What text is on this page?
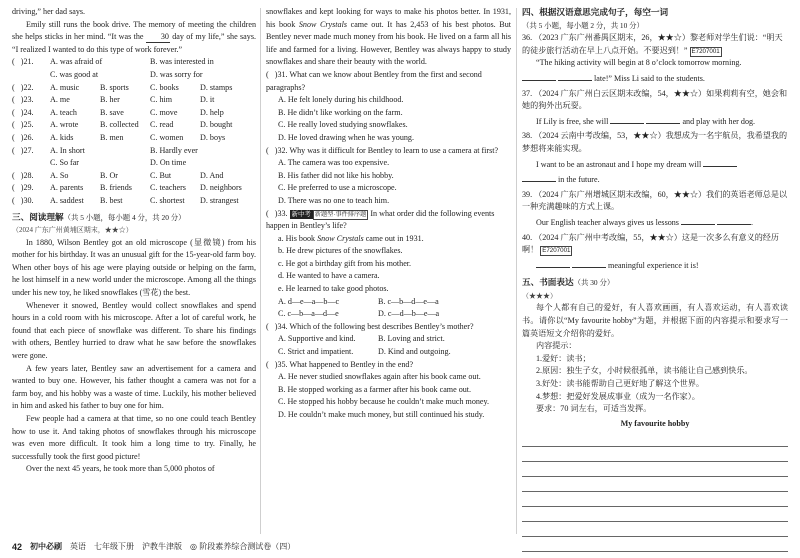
driving,” her dad says.

Emily still runs the book drive. The memory of meeting the children she helps sticks in her mind. “It was the 30 day of my life,” she says. “I realized I wanted to do this type of work forever.”

(   )21.	A. was afraid of	B. was interested in
C. was good at	D. was sorry for
(   )22.	A. music	B. sports	C. books	D. stamps
(   )23.	A. me	B. her	C. him	D. it
(   )24.	A. teach	B. save	C. move	D. help
(   )25.	A. wrote	B. collected	C. read	D. bought
(   )26.	A. kids	B. men	C. women	D. boys
(   )27.	A. In short	B. Hardly ever
C. So far	D. On time
(   )28.	A. So	B. Or	C. But	D. And
(   )29.	A. parents	B. friends	C. teachers	D. neighbors
(   )30.	A. saddest	B. best	C. shortest	D. strangest

三、阅读理解（共 5 小题，每小题 4 分，共 20 分）

（2024 广东广州黄埔区期末，★★☆）

In 1880, Wilson Bentley got an old microscope (显微镜) from his mother for his birthday. It was an unusual gift for the 15-year-old farm boy. When other boys of his age were playing outside or helping on the farm, he lost himself in a new world under the microscope. Among all the things under his new toy, he liked snowflakes (雪花) the best.

Whenever it snowed, Bentley would collect snowflakes and spend hours in a cold room with his microscope. After a lot of careful work, he found that each piece of snowflake was different. To share his findings with others, Bentley hurried to draw what he saw before the snowflakes were gone.

A few years later, Bentley saw an advertisement for a camera and wanted to buy one. However, his father thought a camera was not for a farm boy, and his hobby was a waste of time. Luckily, his mother believed in him and asked his father to buy one for him.

Few people had a camera at that time, so no one could teach Bentley how to use it. And taking photos of snowflakes through his microscope was even more difficult. It took him a long time to try. Finally, he successfully took the first good picture!

Over the next 45 years, he took more than 5,000 photos of

snowflakes and kept looking for ways to make his photos better. In 1931, his book Snow Crystals came out. It has 2,453 of his best photos. But Bentley never made much money from his book. He lived on a farm all his life and farmed for a living. However, Bentley was always happy to study snowflakes and share their beauty with the world.

(   )31. What can we know about Bentley from the first and second paragraphs?

A. He felt lonely during his childhood.

B. He didn’t like working on the farm.

C. He really loved studying snowflakes.

D. He loved drawing when he was young.

(   )32. Why was it difficult for Bentley to learn to use a camera at first?

A. The camera was too expensive.

B. His father did not like his hobby.

C. He preferred to use a microscope.

D. There was no one to teach him.

(   )33. 新中考 新题型·事件排序题 In what order did the following events happen in Bentley’s life?

a. His book Snow Crystals came out in 1931.

b. He drew pictures of the snowflakes.

c. He got a birthday gift from his mother.

d. He wanted to have a camera.

e. He learned to take good photos.

A. d—e—a—b—c	B. c—b—d—e—a
C. c—b—a—d—e	D. c—d—b—e—a

(   )34. Which of the following best describes Bentley’s mother?

A. Supportive and kind.	B. Loving and strict.
C. Strict and impatient.	D. Kind and outgoing.

(   )35. What happened to Bentley in the end?

A. He never studied snowflakes again after his book came out.

B. He stopped working as a farmer after his book came out.

C. He stopped his hobby because he couldn’t make much money.

D. He couldn’t make much money, but still continued his study.

四、根据汉语意思完成句子，每空一词（共 5 小题，每小题 2 分，共 10 分）

36. （2023 广东广州番禺区期末，26，★★☆）黎老师对学生们说：“明天的徒步旅行活动在早上八点开始。不要迟到！” E7207001

“The hiking activity will begin at 8 o’clock tomorrow morning.

late!” Miss Li said to the students.

37. （2024 广东广州白云区期末改编，54，★★☆）如果莉莉有空，她会和她的狗外出玩耍。

If Lily is free, she will	and play with her dog.

38. （2024 云南中考改编，53，★★☆）我想成为一名宇航员，我希望我的梦想将来能实现。

I want to be an astronaut and I hope my dream will

in the future.

39. （2024 广东广州增城区期末改编，60，★★☆）我们的英语老师总是以一种充满趣味的方式上课。

Our English teacher always gives us lessons	.

40. （2024 广东广州中考改编，55，★★☆）这是一次多么有意义的经历啊！ E7207001

meaningful experience it is!

五、书面表达（共 30 分）

（★★★）

每个人都有自己的爱好，有人喜欢画画，有人喜欢运动，有人喜欢读书。请你以“My favourite hobby”为题，并根据下面的内容提示和要求写一篇英语短文介绍你的爱好。

内容提示：

1.爱好：读书；

2.原因：独生子女，小时候很孤单，读书能让自己感到快乐。

3.好处：读书能帮助自己更好地了解这个世界。

4.梦想：把爱好发展成事业（成为一名作家）。

要求：70 词左右，可适当发挥。

My favourite hobby

42 初中必刷 英语 七年级下册 沪教牛津版 ◎ 阶段素养综合测试卷（四）
